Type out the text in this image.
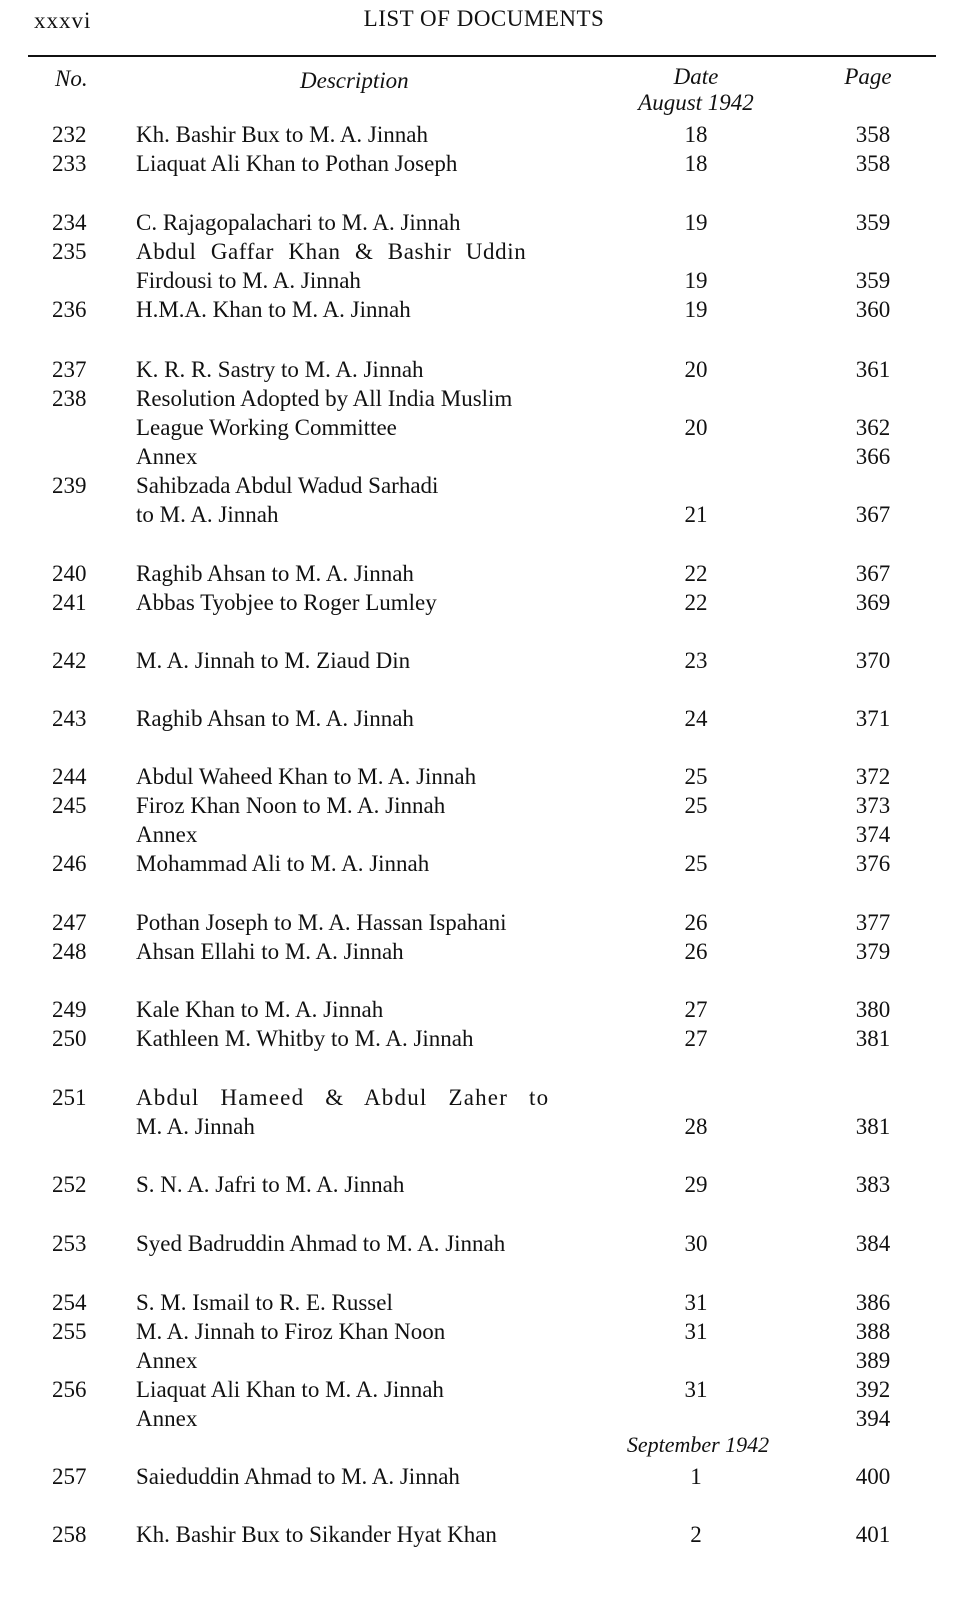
xxxvi	LIST OF DOCUMENTS
No.	Description	Date	Page
August 1942
232	Kh. Bashir Bux to M. A. Jinnah	18	358
233	Liaquat Ali Khan to Pothan Joseph	18	358
234	C. Rajagopalachari to M. A. Jinnah	19	359
235	Abdul Gaffar Khan & Bashir Uddin
Firdousi to M. A. Jinnah	19	359
236	H.M.A. Khan to M. A. Jinnah	19	360
237	K. R. R. Sastry to M. A. Jinnah	20	361
238	Resolution Adopted by All India Muslim
League Working Committee	20	362
Annex	366
239	Sahibzada Abdul Wadud Sarhadi
to M. A. Jinnah	21	367
240	Raghib Ahsan to M. A. Jinnah	22	367
241	Abbas Tyobjee to Roger Lumley	22	369
242	M. A. Jinnah to M. Ziaud Din	23	370
243	Raghib Ahsan to M. A. Jinnah	24	371
244	Abdul Waheed Khan to M. A. Jinnah	25	372
245	Firoz Khan Noon to M. A. Jinnah	25	373
Annex	374
246	Mohammad Ali to M. A. Jinnah	25	376
247	Pothan Joseph to M. A. Hassan Ispahani	26	377
248	Ahsan Ellahi to M. A. Jinnah	26	379
249	Kale Khan to M. A. Jinnah	27	380
250	Kathleen M. Whitby to M. A. Jinnah	27	381
251	Abdul Hameed & Abdul Zaher to
M. A. Jinnah	28	381
252	S. N. A. Jafri to M. A. Jinnah	29	383
253	Syed Badruddin Ahmad to M. A. Jinnah	30	384
254	S. M. Ismail to R. E. Russel	31	386
255	M. A. Jinnah to Firoz Khan Noon	31	388
Annex	389
256	Liaquat Ali Khan to M. A. Jinnah	31	392
Annex	394
257	Saieduddin Ahmad to M. A. Jinnah	1	400
258	Kh. Bashir Bux to Sikander Hyat Khan	2	401
September 1942
